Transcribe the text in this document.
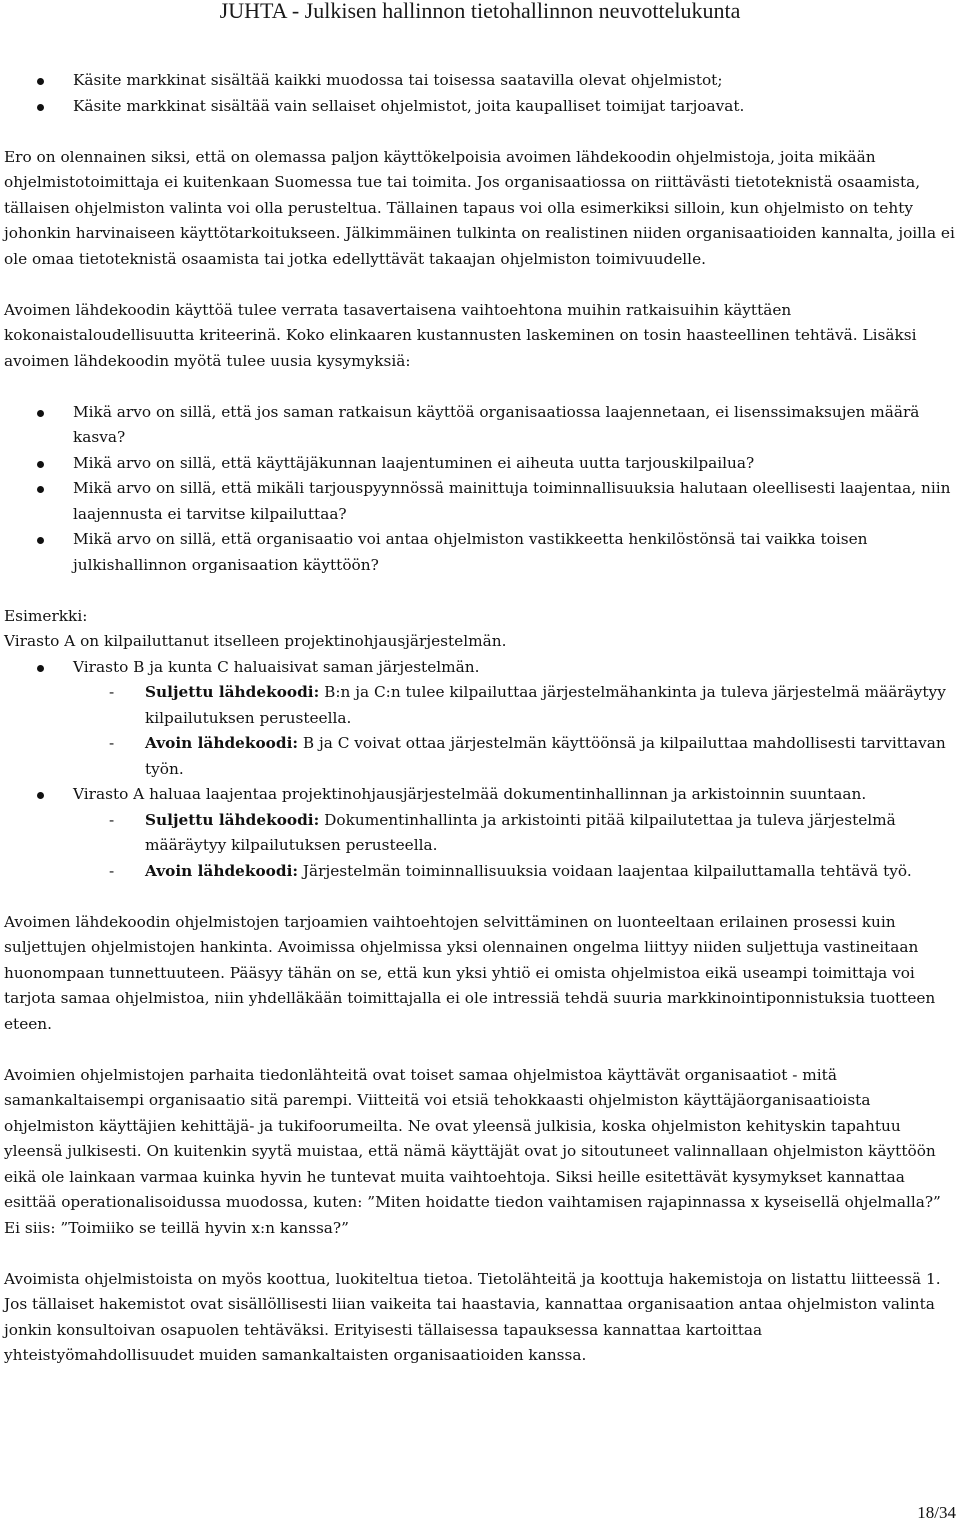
JUHTA - Julkisen hallinnon tietohallinnon neuvottelukunta
Käsite markkinat sisältää kaikki muodossa tai toisessa saatavilla olevat ohjelmistot;
Käsite markkinat sisältää vain sellaiset ohjelmistot, joita kaupalliset toimijat tarjoavat.

Ero on olennainen siksi, että on olemassa paljon käyttökelpoisia avoimen lähdekoodin ohjelmistoja, joita mikään ohjelmistotoimittaja ei kuitenkaan Suomessa tue tai toimita. Jos organisaatiossa on riittävästi tietoteknistä osaamista, tällaisen ohjelmiston valinta voi olla perusteltua. Tällainen tapaus voi olla esimerkiksi silloin, kun ohjelmisto on tehty johonkin harvinaiseen käyttötarkoitukseen. Jälkimmäinen tulkinta on realistinen niiden organisaatioiden kannalta, joilla ei ole omaa tietoteknistä osaamista tai jotka edellyttävät takaajan ohjelmiston toimivuudelle.

Avoimen lähdekoodin käyttöä tulee verrata tasavertaisena vaihtoehtona muihin ratkaisuihin käyttäen kokonaistaloudellisuutta kriteerinä. Koko elinkaaren kustannusten laskeminen on tosin haasteellinen tehtävä. Lisäksi avoimen lähdekoodin myötä tulee uusia kysymyksiä:

Mikä arvo on sillä, että jos saman ratkaisun käyttöä organisaatiossa laajennetaan, ei lisenssimaksujen määrä kasva?
Mikä arvo on sillä, että käyttäjäkunnan laajentuminen ei aiheuta uutta tarjouskilpailua?
Mikä arvo on sillä, että mikäli tarjouspyynnössä mainittuja toiminnallisuuksia halutaan oleellisesti laajentaa, niin laajennusta ei tarvitse kilpailuttaa?
Mikä arvo on sillä, että organisaatio voi antaa ohjelmiston vastikkeetta henkilöstönsä tai vaikka toisen julkishallinnon organisaation käyttöön?

Esimerkki:

Virasto A on kilpailuttanut itselleen projektinohjausjärjestelmän.

Virasto B ja kunta C haluaisivat saman järjestelmän.
- Suljettu lähdekoodi: B:n ja C:n tulee kilpailuttaa järjestelmähankinta ja tuleva järjestelmä määräytyy kilpailutuksen perusteella.
- Avoin lähdekoodi: B ja C voivat ottaa järjestelmän käyttöönsä ja kilpailuttaa mahdollisesti tarvittavan työn.
Virasto A haluaa laajentaa projektinohjausjärjestelmää dokumentinhallinnan ja arkistoinnin suuntaan.
- Suljettu lähdekoodi: Dokumentinhallinta ja arkistointi pitää kilpailutettaa ja tuleva järjestelmä määräytyy kilpailutuksen perusteella.
- Avoin lähdekoodi: Järjestelmän toiminnallisuuksia voidaan laajentaa kilpailuttamalla tehtävä työ.

Avoimen lähdekoodin ohjelmistojen tarjoamien vaihtoehtojen selvittäminen on luonteeltaan erilainen prosessi kuin suljettujen ohjelmistojen hankinta. Avoimissa ohjelmissa yksi olennainen ongelma liittyy niiden suljettuja vastineitaan huonompaan tunnettuuteen. Pääsyy tähän on se, että kun yksi yhtiö ei omista ohjelmistoa eikä useampi toimittaja voi tarjota samaa ohjelmistoa, niin yhdelläkään toimittajalla ei ole intressiä tehdä suuria markkinointiponnistuksia tuotteen eteen.

Avoimien ohjelmistojen parhaita tiedonlähteitä ovat toiset samaa ohjelmistoa käyttävät organisaatiot - mitä samankaltaisempi organisaatio sitä parempi. Viitteitä voi etsiä tehokkaasti ohjelmiston käyttäjäorganisaatioista ohjelmiston käyttäjien kehittäjä- ja tukifoorumeilta. Ne ovat yleensä julkisia, koska ohjelmiston kehityskin tapahtuu yleensä julkisesti. On kuitenkin syytä muistaa, että nämä käyttäjät ovat jo sitoutuneet valinnallaan ohjelmiston käyttöön eikä ole lainkaan varmaa kuinka hyvin he tuntevat muita vaihtoehtoja. Siksi heille esitettävät kysymykset kannattaa esittää operationalisoidussa muodossa, kuten: ”Miten hoidatte tiedon vaihtamisen rajapinnassa x kyseisellä ohjelmalla?” Ei siis: ”Toimiiko se teillä hyvin x:n kanssa?”

Avoimista ohjelmistoista on myös koottua, luokiteltua tietoa. Tietolähteitä ja koottuja hakemistoja on listattu liitteessä 1. Jos tällaiset hakemistot ovat sisällöllisesti liian vaikeita tai haastavia, kannattaa organisaation antaa ohjelmiston valinta jonkin konsultoivan osapuolen tehtäväksi. Erityisesti tällaisessa tapauksessa kannattaa kartoittaa yhteistyömahdollisuudet muiden samankaltaisten organisaatioiden kanssa.

18/34
